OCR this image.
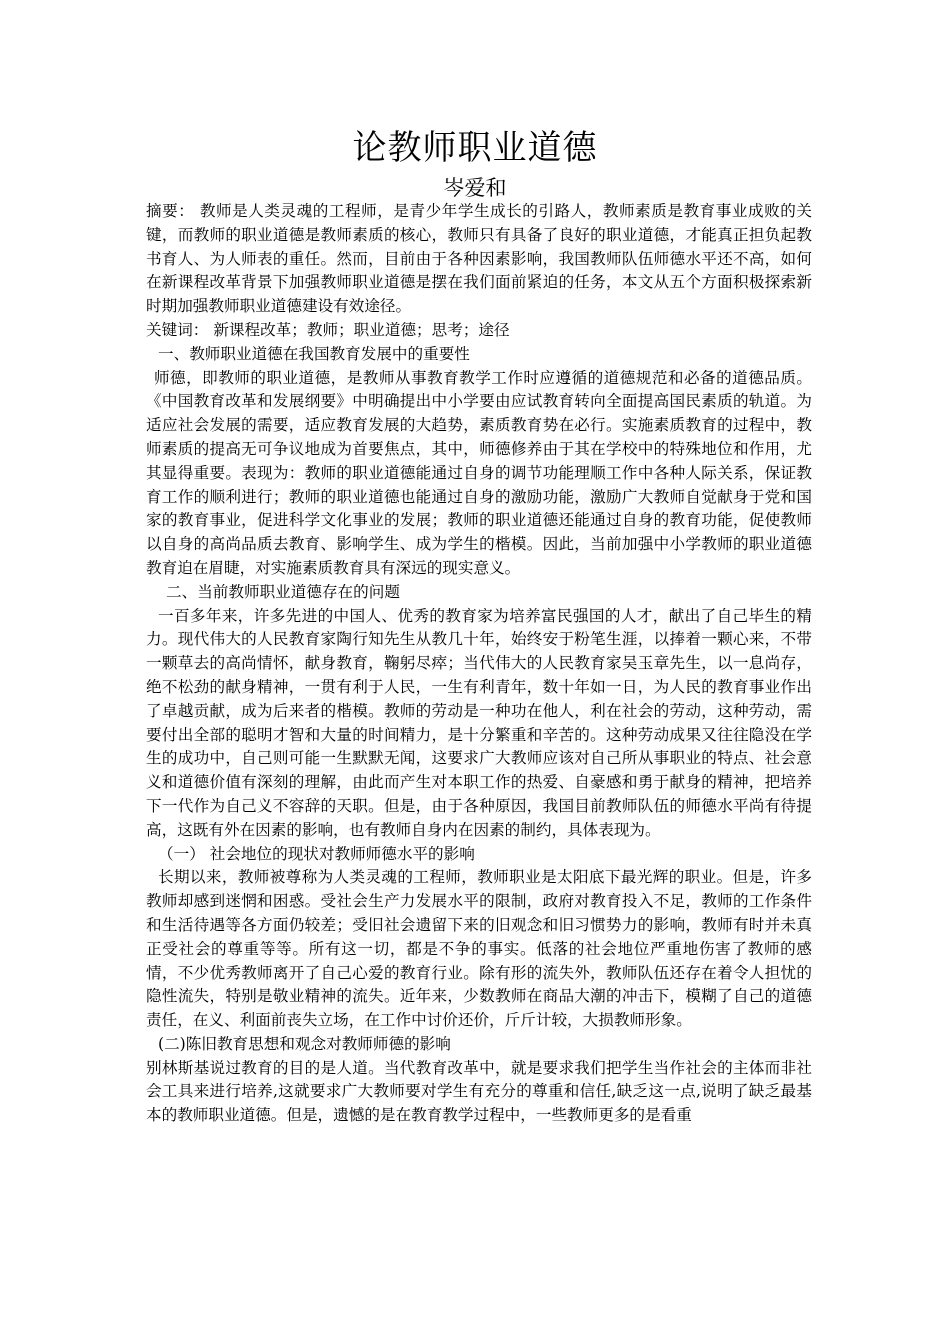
论教师职业道德
岑爱和

摘要： 教师是人类灵魂的工程师，是青少年学生成长的引路人，教师素质是教育事业成败的关键，而教师的职业道德是教师素质的核心，教师只有具备了良好的职业道德，才能真正担负起教书育人、为人师表的重任。然而，目前由于各种因素影响，我国教师队伍师德水平还不高，如何在新课程改革背景下加强教师职业道德是摆在我们面前紧迫的任务，本文从五个方面积极探索新时期加强教师职业道德建设有效途径。

关键词： 新课程改革；教师；职业道德；思考；途径

一、教师职业道德在我国教育发展中的重要性

师德，即教师的职业道德，是教师从事教育教学工作时应遵循的道德规范和必备的道德品质。《中国教育改革和发展纲要》中明确提出中小学要由应试教育转向全面提高国民素质的轨道。为适应社会发展的需要，适应教育发展的大趋势，素质教育势在必行。实施素质教育的过程中，教师素质的提高无可争议地成为首要焦点，其中，师德修养由于其在学校中的特殊地位和作用，尤其显得重要。表现为：教师的职业道德能通过自身的调节功能理顺工作中各种人际关系，保证教育工作的顺利进行；教师的职业道德也能通过自身的激励功能，激励广大教师自觉献身于党和国家的教育事业，促进科学文化事业的发展；教师的职业道德还能通过自身的教育功能，促使教师以自身的高尚品质去教育、影响学生、成为学生的楷模。因此，当前加强中小学教师的职业道德教育迫在眉睫，对实施素质教育具有深远的现实意义。

二、当前教师职业道德存在的问题

一百多年来，许多先进的中国人、优秀的教育家为培养富民强国的人才，献出了自己毕生的精力。现代伟大的人民教育家陶行知先生从教几十年，始终安于粉笔生涯，以捧着一颗心来，不带一颗草去的高尚情怀，献身教育，鞠躬尽瘁；当代伟大的人民教育家吴玉章先生，以一息尚存，绝不松劲的献身精神，一贯有利于人民，一生有利青年，数十年如一日，为人民的教育事业作出了卓越贡献，成为后来者的楷模。教师的劳动是一种功在他人，利在社会的劳动，这种劳动，需要付出全部的聪明才智和大量的时间精力，是十分繁重和辛苦的。这种劳动成果又往往隐没在学生的成功中，自己则可能一生默默无闻，这要求广大教师应该对自己所从事职业的特点、社会意义和道德价值有深刻的理解，由此而产生对本职工作的热爱、自豪感和勇于献身的精神，把培养下一代作为自己义不容辞的天职。但是，由于各种原因，我国目前教师队伍的师德水平尚有待提高，这既有外在因素的影响，也有教师自身内在因素的制约，具体表现为。

（一） 社会地位的现状对教师师德水平的影响

长期以来，教师被尊称为人类灵魂的工程师，教师职业是太阳底下最光辉的职业。但是，许多教师却感到迷惘和困惑。受社会生产力发展水平的限制，政府对教育投入不足，教师的工作条件和生活待遇等各方面仍较差；受旧社会遗留下来的旧观念和旧习惯势力的影响，教师有时并未真正受社会的尊重等等。所有这一切，都是不争的事实。低落的社会地位严重地伤害了教师的感情，不少优秀教师离开了自己心爱的教育行业。除有形的流失外，教师队伍还存在着令人担忧的隐性流失，特别是敬业精神的流失。近年来，少数教师在商品大潮的冲击下，模糊了自己的道德责任，在义、利面前丧失立场，在工作中讨价还价，斤斤计较，大损教师形象。

(二)陈旧教育思想和观念对教师师德的影响

别林斯基说过教育的目的是人道。当代教育改革中，就是要求我们把学生当作社会的主体而非社会工具来进行培养,这就要求广大教师要对学生有充分的尊重和信任,缺乏这一点,说明了缺乏最基本的教师职业道德。但是，遗憾的是在教育教学过程中，一些教师更多的是看重
